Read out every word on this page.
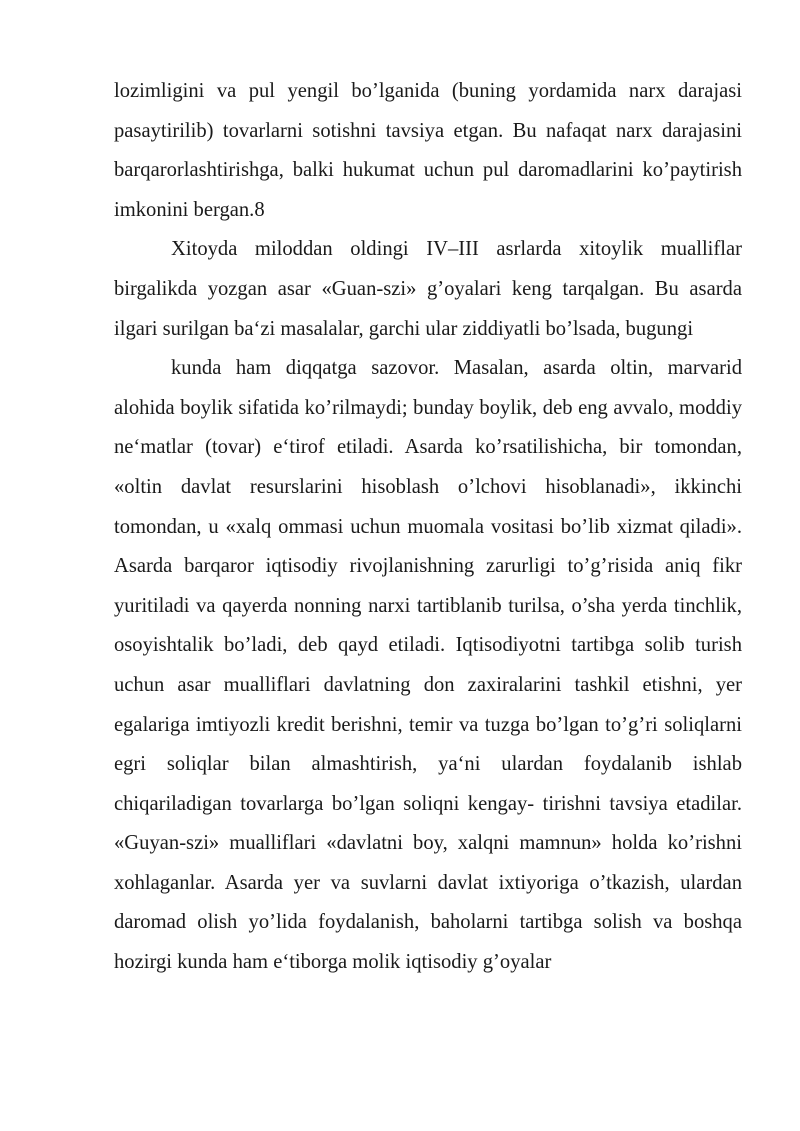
lozimligini va pul yengil bo’lganida (buning yordamida narx darajasi pasaytirilib) tovarlarni sotishni tavsiya etgan. Bu nafaqat narx darajasini barqarorlashtirishga, balki hukumat uchun pul daromadlarini ko’paytirish imkonini bergan.8

Xitoyda miloddan oldingi IV–III asrlarda xitoylik mualliflar birgalikda yozgan asar «Guan-szi» g’oyalari keng tarqalgan. Bu asarda ilgari surilgan baʻzi masalalar, garchi ular ziddiyatli bo’lsada, bugungi

kunda ham diqqatga sazovor. Masalan, asarda oltin, marvarid alohida boylik sifatida ko’rilmaydi; bunday boylik, deb eng avvalo, moddiy neʻmatlar (tovar) eʻtirof etiladi. Asarda ko’rsatilishicha, bir tomondan, «oltin davlat resurslarini hisoblash o’lchovi hisoblanadi», ikkinchi tomondan, u «xalq ommasi uchun muomala vositasi bo’lib xizmat qiladi». Asarda barqaror iqtisodiy rivojlanishning zarurligi to’g’risida aniq fikr yuritiladi va qayerda nonning narxi tartiblanib turilsa, o’sha yerda tinchlik, osoyishtalik bo’ladi, deb qayd etiladi. Iqtisodiyotni tartibga solib turish uchun asar mualliflari davlatning don zaxiralarini tashkil etishni, yer egalariga imtiyozli kredit berishni, temir va tuzga bo’lgan to’g’ri soliqlarni egri soliqlar bilan almashtirish, yaʻni ulardan foydalanib ishlab chiqariladigan tovarlarga bo’lgan soliqni kengay- tirishni tavsiya etadilar. «Guyan-szi» mualliflari «davlatni boy, xalqni mamnun» holda ko’rishni xohlaganlar. Asarda yer va suvlarni davlat ixtiyoriga o’tkazish, ulardan daromad olish yo’lida foydalanish, baholarni tartibga solish va boshqa hozirgi kunda ham eʻtiborga molik iqtisodiy g’oyalar
